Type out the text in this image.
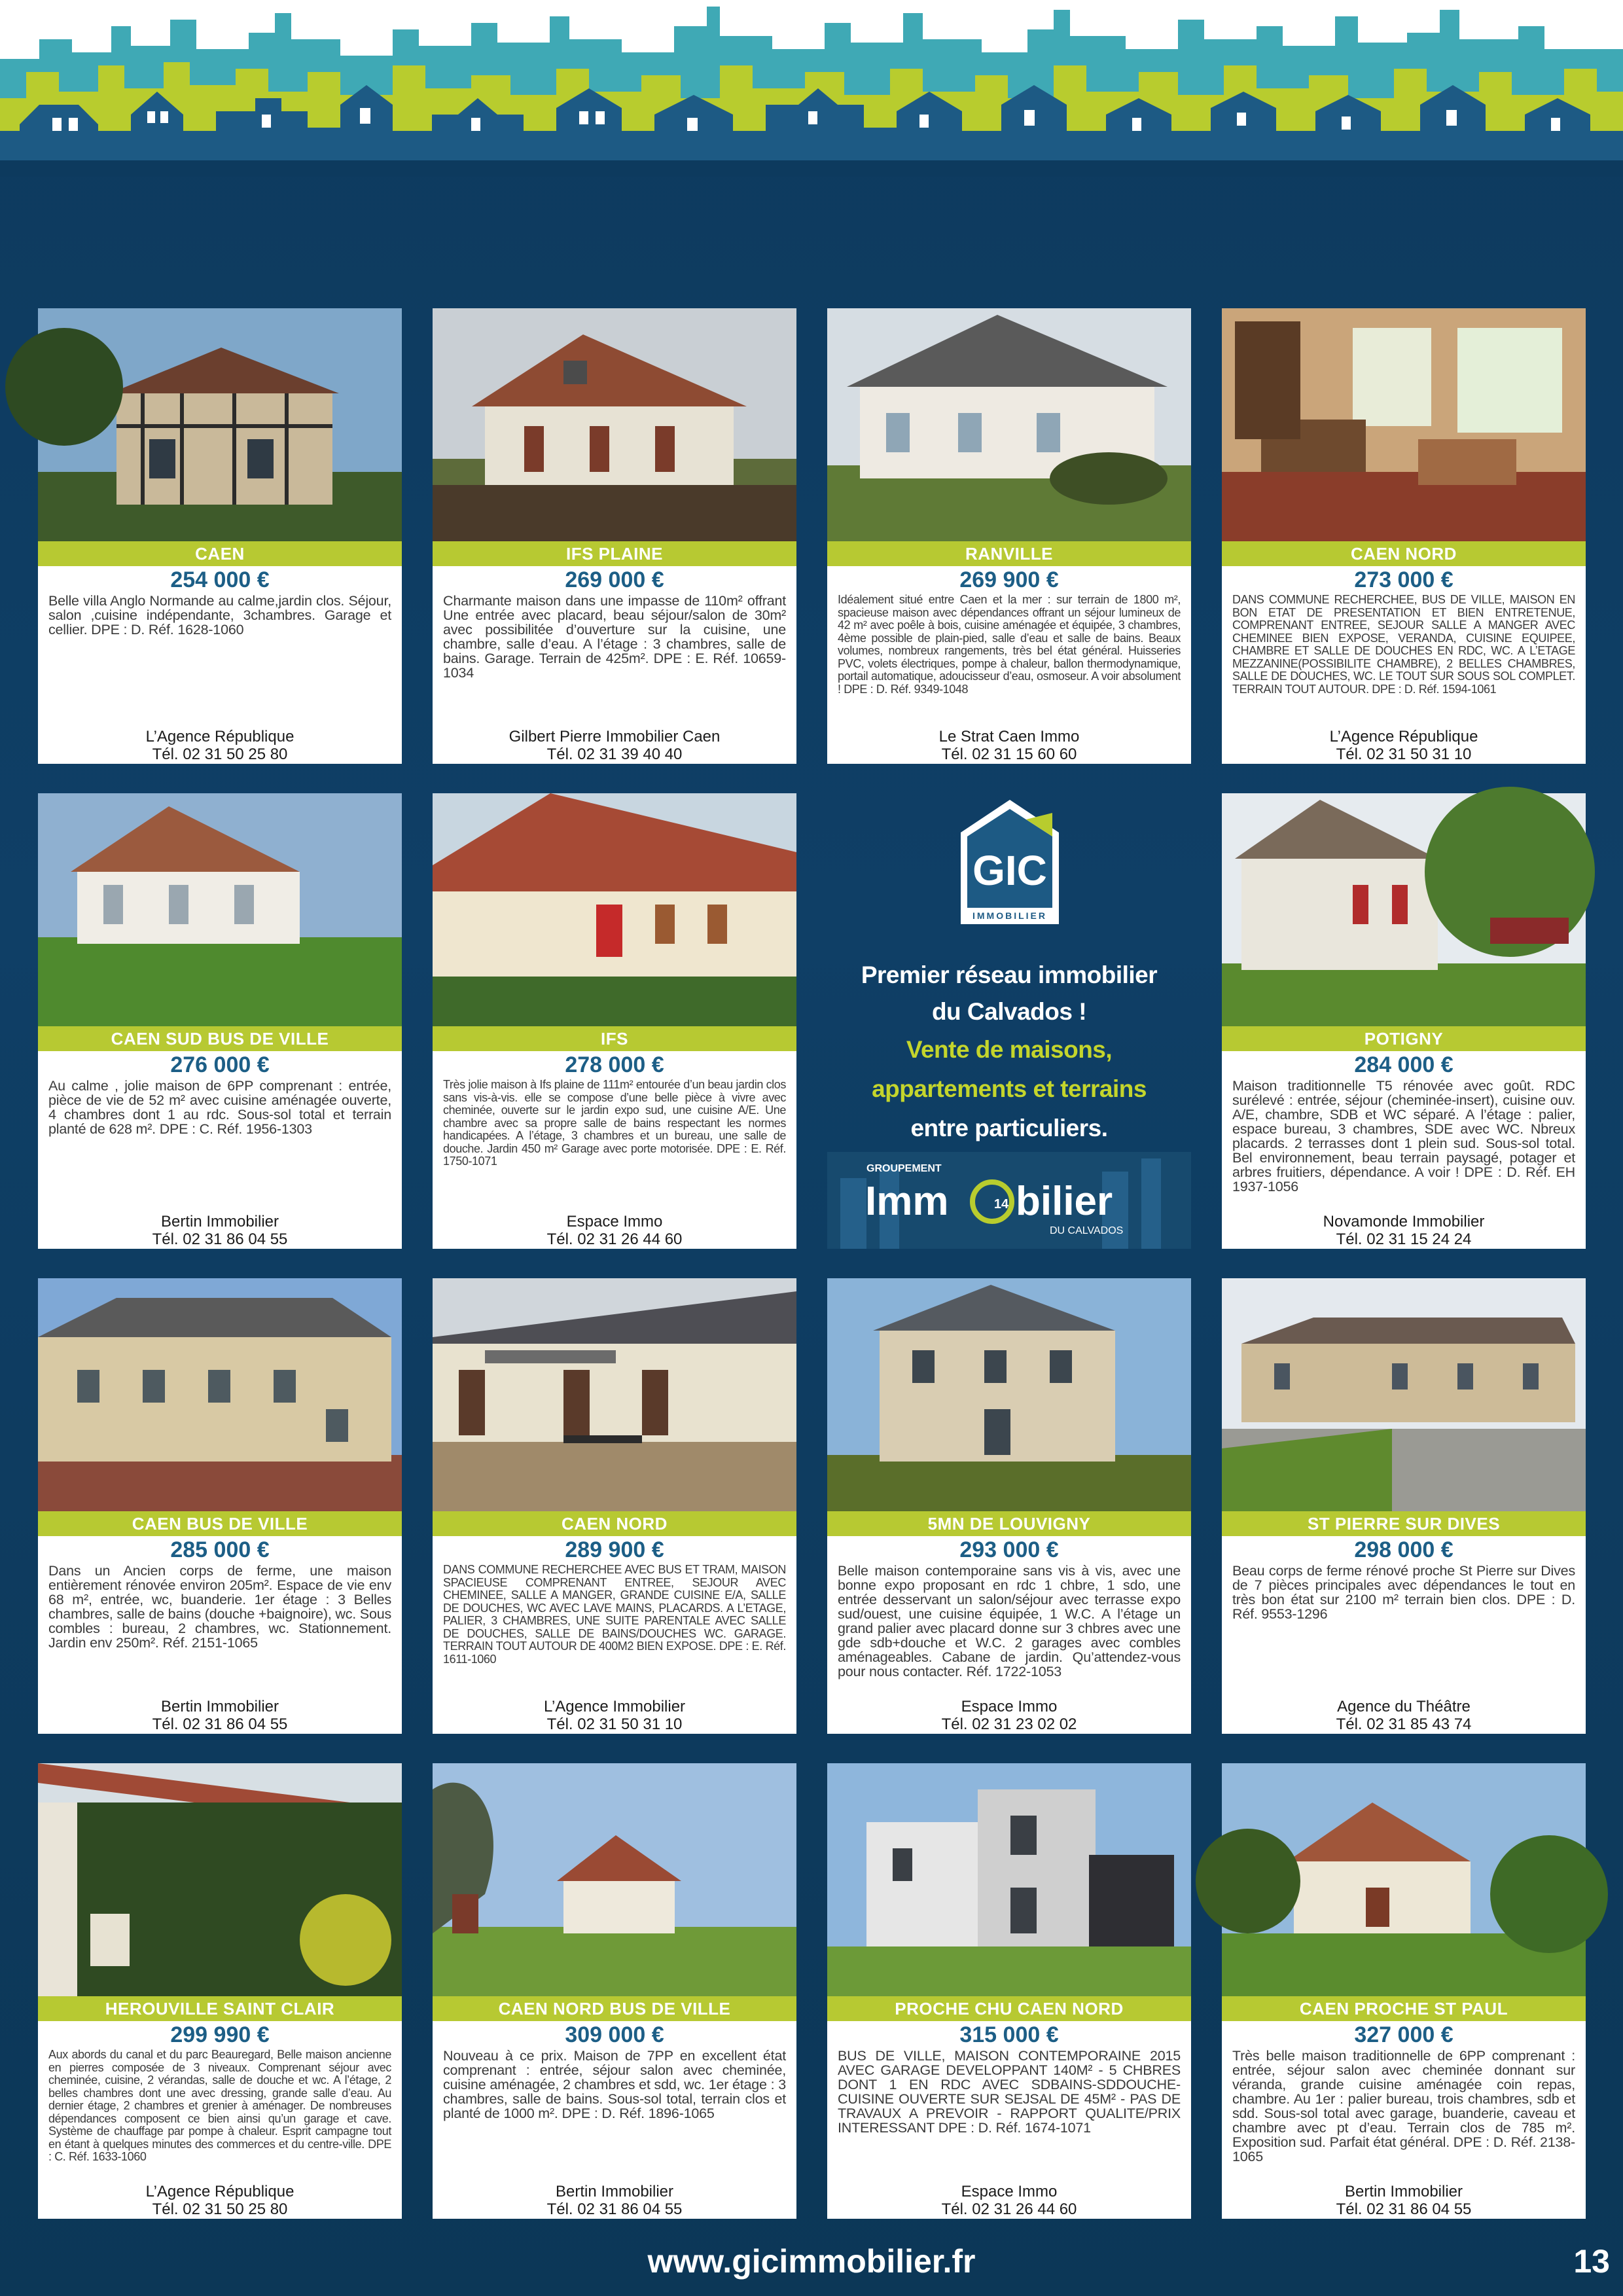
CAEN
254 000 €
Belle villa Anglo Normande au calme,jardin clos. Séjour, salon ,cuisine indépendante, 3chambres. Garage et cellier. DPE : D. Réf. 1628-1060
L’Agence République
Tél. 02 31 50 25 80
IFS PLAINE
269 000 €
Charmante maison dans une impasse de 110m² offrant Une entrée avec placard, beau séjour/salon de 30m² avec possibilitée d’ouverture sur la cuisine, une chambre, salle d’eau. A l’étage : 3 chambres, salle de bains. Garage. Terrain de 425m². DPE : E. Réf. 10659-1034
Gilbert Pierre Immobilier Caen
Tél. 02 31 39 40 40
RANVILLE
269 900 €
Idéalement situé entre Caen et la mer : sur terrain de 1800 m², spacieuse maison avec dépendances offrant un séjour lumineux de 42 m² avec poêle à bois, cuisine aménagée et équipée, 3 chambres, 4ème possible de plain-pied, salle d’eau et salle de bains. Beaux volumes, nombreux rangements, très bel état général. Huisseries PVC, volets électriques, pompe à chaleur, ballon thermodynamique, portail automatique, adoucisseur d’eau, osmoseur. A voir absolument ! DPE : D. Réf. 9349-1048
Le Strat Caen Immo
Tél. 02 31 15 60 60
CAEN NORD
273 000 €
DANS COMMUNE RECHERCHEE, BUS DE VILLE, MAISON EN BON ETAT DE PRESENTATION ET BIEN ENTRETENUE, COMPRENANT ENTREE, SEJOUR SALLE A MANGER AVEC CHEMINEE BIEN EXPOSE, VERANDA, CUISINE EQUIPEE, CHAMBRE ET SALLE DE DOUCHES EN RDC, WC. A L’ETAGE MEZZANINE(POSSIBILITE CHAMBRE), 2 BELLES CHAMBRES, SALLE DE DOUCHES, WC. LE TOUT SUR SOUS SOL COMPLET. TERRAIN TOUT AUTOUR. DPE : D. Réf. 1594-1061
L’Agence République
Tél. 02 31 50 31 10
CAEN SUD BUS DE VILLE
276 000 €
Au calme , jolie maison de 6PP comprenant : entrée, pièce de vie de 52 m² avec cuisine aménagée ouverte, 4 chambres dont 1 au rdc. Sous-sol total et terrain planté de 628 m². DPE : C. Réf. 1956-1303
Bertin Immobilier
Tél. 02 31 86 04 55
IFS
278 000 €
Très jolie maison à Ifs plaine de 111m² entourée d’un beau jardin clos sans vis-à-vis. elle se compose d’une belle pièce à vivre avec cheminée, ouverte sur le jardin expo sud, une cuisine A/E. Une chambre avec sa propre salle de bains respectant les normes handicapées. A l’étage, 3 chambres et un bureau, une salle de douche. Jardin 450 m² Garage avec porte motorisée. DPE : E. Réf. 1750-1071
Espace Immo
Tél. 02 31 26 44 60
GIC
IMMOBILIER
Premier réseau immobilier
du Calvados !
Vente de maisons,
appartements et terrains
entre particuliers.
GROUPEMENT
Imm	14 bilier
DU CALVADOS
POTIGNY
284 000 €
Maison traditionnelle T5 rénovée avec goût. RDC surélevé : entrée, séjour (cheminée-insert), cuisine ouv. A/E, chambre, SDB et WC séparé. A l’étage : palier, espace bureau, 3 chambres, SDE avec WC. Nbreux placards. 2 terrasses dont 1 plein sud. Sous-sol total. Bel environnement, beau terrain paysagé, potager et arbres fruitiers, dépendance. A voir ! DPE : D. Réf. EH 1937-1056
Novamonde Immobilier
Tél. 02 31 15 24 24
CAEN BUS DE VILLE
285 000 €
Dans un Ancien corps de ferme, une maison entièrement rénovée environ 205m². Espace de vie env 68 m², entrée, wc, buanderie. 1er étage : 3 Belles chambres, salle de bains (douche +baignoire), wc. Sous combles : bureau, 2 chambres, wc. Stationnement. Jardin env 250m². Réf. 2151-1065
Bertin Immobilier
Tél. 02 31 86 04 55
CAEN NORD
289 900 €
DANS COMMUNE RECHERCHEE AVEC BUS ET TRAM, MAISON SPACIEUSE COMPRENANT ENTREE, SEJOUR AVEC CHEMINEE, SALLE A MANGER, GRANDE CUISINE E/A, SALLE DE DOUCHES, WC AVEC LAVE MAINS, PLACARDS. A L’ETAGE, PALIER, 3 CHAMBRES, UNE SUITE PARENTALE AVEC SALLE DE DOUCHES, SALLE DE BAINS/DOUCHES WC. GARAGE. TERRAIN TOUT AUTOUR DE 400M2 BIEN EXPOSE. DPE : E. Réf. 1611-1060
L’Agence Immobilier
Tél. 02 31 50 31 10
5MN DE LOUVIGNY
293 000 €
Belle maison contemporaine sans vis à vis, avec une bonne expo proposant en rdc 1 chbre, 1 sdo, une entrée desservant un salon/séjour avec terrasse expo sud/ouest, une cuisine équipée, 1 W.C. A l’étage un grand palier avec placard donne sur 3 chbres avec une gde sdb+douche et W.C. 2 garages avec combles aménageables. Cabane de jardin. Qu’attendez-vous pour nous contacter. Réf. 1722-1053
Espace Immo
Tél. 02 31 23 02 02
ST PIERRE SUR DIVES
298 000 €
Beau corps de ferme rénové proche St Pierre sur Dives de 7 pièces principales avec dépendances le tout en très bon état sur 2100 m² terrain bien clos. DPE : D. Réf. 9553-1296
Agence du Théâtre
Tél. 02 31 85 43 74
HEROUVILLE SAINT CLAIR
299 990 €
Aux abords du canal et du parc Beauregard, Belle maison ancienne en pierres composée de 3 niveaux. Comprenant séjour avec cheminée, cuisine, 2 vérandas, salle de douche et wc. A l’étage, 2 belles chambres dont une avec dressing, grande salle d’eau. Au dernier étage, 2 chambres et grenier à aménager. De nombreuses dépendances composent ce bien ainsi qu’un garage et cave. Système de chauffage par pompe à chaleur. Esprit campagne tout en étant à quelques minutes des commerces et du centre-ville. DPE : C. Réf. 1633-1060
L’Agence République
Tél. 02 31 50 25 80
CAEN NORD BUS DE VILLE
309 000 €
Nouveau à ce prix. Maison de 7PP en excellent état comprenant : entrée, séjour salon avec cheminée, cuisine aménagée, 2 chambres et sdd, wc. 1er étage : 3 chambres, salle de bains. Sous-sol total, terrain clos et planté de 1000 m². DPE : D. Réf. 1896-1065
Bertin Immobilier
Tél. 02 31 86 04 55
PROCHE CHU CAEN NORD
315 000 €
BUS DE VILLE, MAISON CONTEMPORAINE 2015 AVEC GARAGE DEVELOPPANT 140M² - 5 CHBRES DONT 1 EN RDC AVEC SDBAINS-SDDOUCHE- CUISINE OUVERTE SUR SEJSAL DE 45M² - PAS DE TRAVAUX A PREVOIR - RAPPORT QUALITE/PRIX INTERESSANT DPE : D. Réf. 1674-1071
Espace Immo
Tél. 02 31 26 44 60
CAEN PROCHE ST PAUL
327 000 €
Très belle maison traditionnelle de 6PP comprenant : entrée, séjour salon avec cheminée donnant sur véranda, grande cuisine aménagée coin repas, chambre. Au 1er : palier bureau, trois chambres, sdb et sdd. Sous-sol total avec garage, buanderie, caveau et chambre avec pt d’eau. Terrain clos de 785 m². Exposition sud. Parfait état général. DPE : D. Réf. 2138-1065
Bertin Immobilier
Tél. 02 31 86 04 55
www.gicimmobilier.fr	13
